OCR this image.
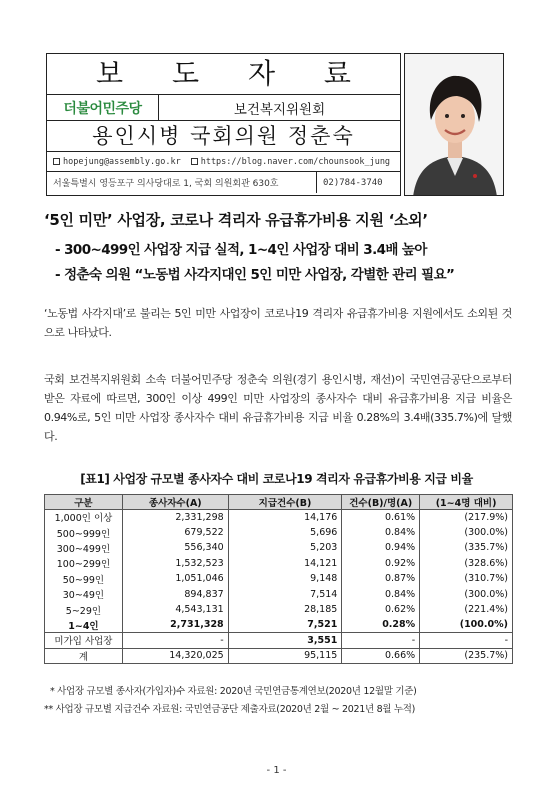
보 도 자 료
더불어민주당	보건복지위원회
용인시병 국회의원 정춘숙
hopejung@assembly.go.kr	https://blog.naver.com/chounsook_jung
서울특별시 영등포구 의사당대로 1, 국회 의원회관 630호	02)784-3740
‘5인 미만’ 사업장, 코로나 격리자 유급휴가비용 지원 ‘소외’
- 300~499인 사업장 지급 실적, 1~4인 사업장 대비 3.4배 높아
- 정춘숙 의원 “노동법 사각지대인 5인 미만 사업장, 각별한 관리 필요”
‘노동법 사각지대’로 불리는 5인 미만 사업장이 코로나19 격리자 유급휴가비용 지원에서도 소외된 것으로 나타났다.
국회 보건복지위원회 소속 더불어민주당 정춘숙 의원(경기 용인시병, 재선)이 국민연금공단으로부터 받은 자료에 따르면, 300인 이상 499인 미만 사업장의 종사자수 대비 유급휴가비용 지급 비율은 0.94%로, 5인 미만 사업장 종사자수 대비 유급휴가비용 지급 비율 0.28%의 3.4배(335.7%)에 달했다.
[표1] 사업장 규모별 종사자수 대비 코로나19 격리자 유급휴가비용 지급 비율
구분	종사자수(A)	지급건수(B)	건수(B)/명(A)	(1~4명 대비)
1,000인 이상	2,331,298	14,176	0.61%	(217.9%)
500~999인	679,522	5,696	0.84%	(300.0%)
300~499인	556,340	5,203	0.94%	(335.7%)
100~299인	1,532,523	14,121	0.92%	(328.6%)
50~99인	1,051,046	9,148	0.87%	(310.7%)
30~49인	894,837	7,514	0.84%	(300.0%)
5~29인	4,543,131	28,185	0.62%	(221.4%)
1~4인	2,731,328	7,521	0.28%	(100.0%)
미가입 사업장	-	3,551	-	-
계	14,320,025	95,115	0.66%	(235.7%)
* 사업장 규모별 종사자(가입자)수 자료원: 2020년 국민연금통계연보(2020년 12월말 기준)
** 사업장 규모별 지급건수 자료원: 국민연금공단 제출자료(2020년 2월 ~ 2021년 8월 누적)
- 1 -
